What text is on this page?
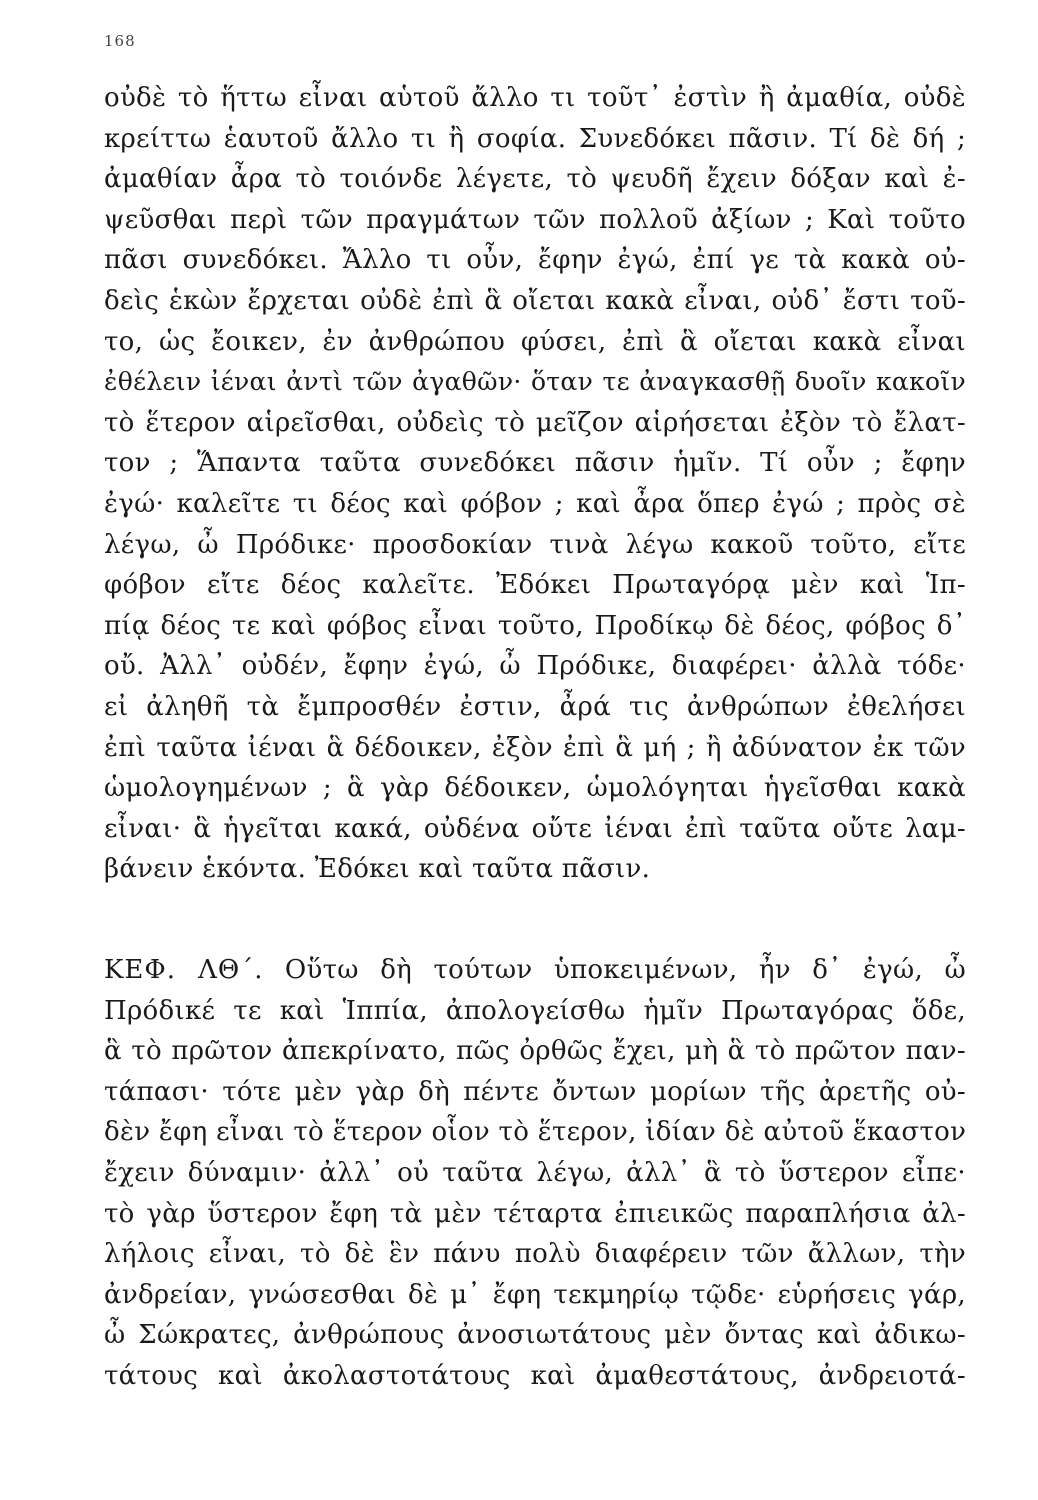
168
οὐδὲ τὸ ἥττω εἶναι αὑτοῦ ἄλλο τι τοῦτ᾿ ἐστὶν ἢ ἀμαθία, οὐδὲ
κρείττω ἑαυτοῦ ἄλλο τι ἢ σοφία. Συνεδόκει πᾶσιν. Τί δὲ δή ;
ἀμαθίαν ἆρα τὸ τοιόνδε λέγετε, τὸ ψευδῆ ἔχειν δόξαν καὶ ἐ-
ψεῦσθαι περὶ τῶν πραγμάτων τῶν πολλοῦ ἀξίων ; Καὶ τοῦτο
πᾶσι συνεδόκει. Ἄλλο τι οὖν, ἔφην ἐγώ, ἐπί γε τὰ κακὰ οὐ-
δεὶς ἑκὼν ἔρχεται οὐδὲ ἐπὶ ἃ οἴεται κακὰ εἶναι, οὐδ᾿ ἔστι τοῦ-
το, ὡς ἔοικεν, ἐν ἀνθρώπου φύσει, ἐπὶ ἃ οἴεται κακὰ εἶναι
ἐθέλειν ἰέναι ἀντὶ τῶν ἀγαθῶν· ὅταν τε ἀναγκασθῇ δυοῖν κακοῖν
τὸ ἕτερον αἱρεῖσθαι, οὐδεὶς τὸ μεῖζον αἱρήσεται ἐξὸν τὸ ἔλατ-
τον ; Ἅπαντα ταῦτα συνεδόκει πᾶσιν ἡμῖν. Τί οὖν ; ἔφην
ἐγώ· καλεῖτε τι δέος καὶ φόβον ; καὶ ἆρα ὅπερ ἐγώ ; πρὸς σὲ
λέγω, ὦ Πρόδικε· προσδοκίαν τινὰ λέγω κακοῦ τοῦτο, εἴτε
φόβον εἴτε δέος καλεῖτε. Ἐδόκει Πρωταγόρᾳ μὲν καὶ Ἱπ-
πίᾳ δέος τε καὶ φόβος εἶναι τοῦτο, Προδίκῳ δὲ δέος, φόβος δ᾿
οὔ. Ἀλλ᾿ οὐδέν, ἔφην ἐγώ, ὦ Πρόδικε, διαφέρει· ἀλλὰ τόδε·
εἰ ἀληθῆ τὰ ἔμπροσθέν ἐστιν, ἆρά τις ἀνθρώπων ἐθελήσει
ἐπὶ ταῦτα ἰέναι ἃ δέδοικεν, ἐξὸν ἐπὶ ἃ μή ; ἢ ἀδύνατον ἐκ τῶν
ὡμολογημένων ; ἃ γὰρ δέδοικεν, ὡμολόγηται ἡγεῖσθαι κακὰ
εἶναι· ἃ ἡγεῖται κακά, οὐδένα οὔτε ἰέναι ἐπὶ ταῦτα οὔτε λαμ-
βάνειν ἑκόντα. Ἐδόκει καὶ ταῦτα πᾶσιν.
ΚΕΦ. ΛΘ΄. Οὕτω δὴ τούτων ὑποκειμένων, ἦν δ᾿ ἐγώ, ὦ
Πρόδικέ τε καὶ Ἱππία, ἀπολογείσθω ἡμῖν Πρωταγόρας ὅδε,
ἃ τὸ πρῶτον ἀπεκρίνατο, πῶς ὀρθῶς ἔχει, μὴ ἃ τὸ πρῶτον παν-
τάπασι· τότε μὲν γὰρ δὴ πέντε ὄντων μορίων τῆς ἀρετῆς οὐ-
δὲν ἔφη εἶναι τὸ ἕτερον οἷον τὸ ἕτερον, ἰδίαν δὲ αὐτοῦ ἕκαστον
ἔχειν δύναμιν· ἀλλ᾿ οὐ ταῦτα λέγω, ἀλλ᾿ ἃ τὸ ὕστερον εἶπε·
τὸ γὰρ ὕστερον ἔφη τὰ μὲν τέταρτα ἐπιεικῶς παραπλήσια ἀλ-
λήλοις εἶναι, τὸ δὲ ἓν πάνυ πολὺ διαφέρειν τῶν ἄλλων, τὴν
ἀνδρείαν, γνώσεσθαι δὲ μ᾿ ἔφη τεκμηρίῳ τῷδε· εὑρήσεις γάρ,
ὦ Σώκρατες, ἀνθρώπους ἀνοσιωτάτους μὲν ὄντας καὶ ἀδικω-
τάτους καὶ ἀκολαστοτάτους καὶ ἀμαθεστάτους, ἀνδρειοτά-
